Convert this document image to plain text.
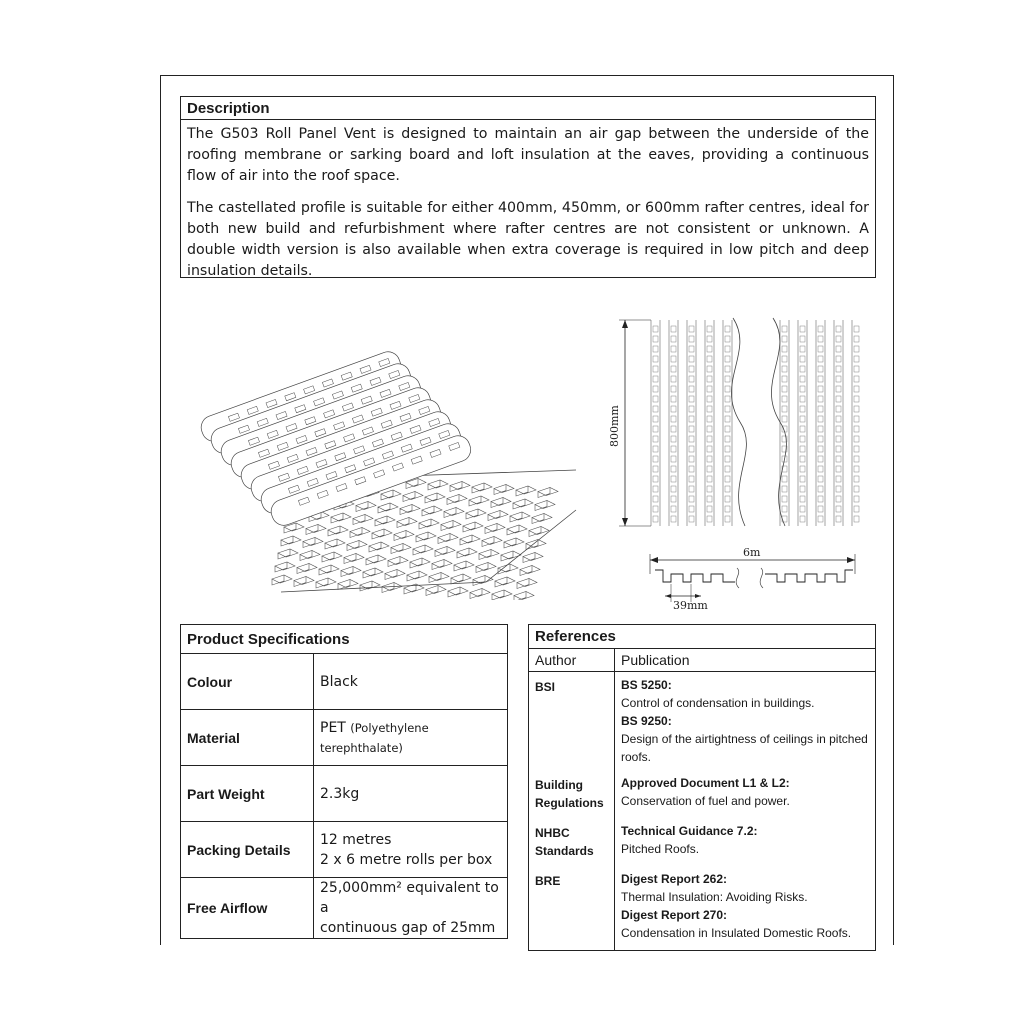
Description

The G503 Roll Panel Vent is designed to maintain an air gap between the underside of the roofing membrane or sarking board and loft insulation at the eaves, providing a continuous flow of air into the roof space.

The castellated profile is suitable for either 400mm, 450mm, or 600mm rafter centres, ideal for both new build and refurbishment where rafter centres are not consistent or unknown. A double width version is also available when extra coverage is required in low pitch and deep insulation details.

800mm
6m
39mm
Product Specifications	
Colour	Black
Material	PET (Polyethylene terephthalate)
Part Weight	2.3kg
Packing Details	12 metres
2 x 6 metre rolls per box
Free Airflow	25,000mm² equivalent to a
continuous gap of 25mm
References	
Author	Publication
BSI	BS 5250:
Control of condensation in buildings.
BS 9250:
Design of the airtightness of ceilings in pitched roofs.

Building Regulations	Approved Document L1 & L2:
Conservation of fuel and power.

NHBC Standards	Technical Guidance 7.2:
Pitched Roofs.

BRE	Digest Report 262:
Thermal Insulation: Avoiding Risks.
Digest Report 270:
Condensation in Insulated Domestic Roofs.
